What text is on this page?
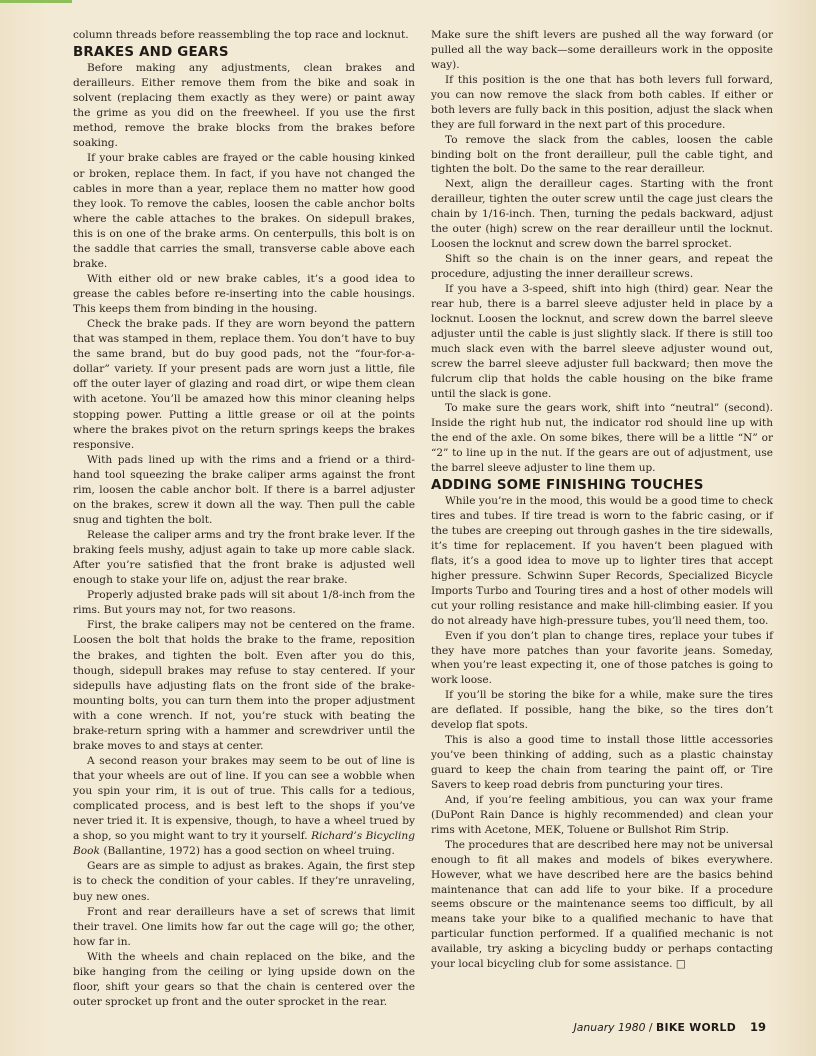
column threads before reassembling the top race and locknut.

BRAKES AND GEARS

Before making any adjustments, clean brakes and derailleurs. Either remove them from the bike and soak in solvent (replacing them exactly as they were) or paint away the grime as you did on the freewheel. If you use the first method, remove the brake blocks from the brakes before soaking.

If your brake cables are frayed or the cable housing kinked or broken, replace them. In fact, if you have not changed the cables in more than a year, replace them no matter how good they look. To remove the cables, loosen the cable anchor bolts where the cable attaches to the brakes. On sidepull brakes, this is on one of the brake arms. On centerpulls, this bolt is on the saddle that carries the small, transverse cable above each brake.

With either old or new brake cables, it’s a good idea to grease the cables before re-inserting into the cable housings. This keeps them from binding in the housing.

Check the brake pads. If they are worn beyond the pattern that was stamped in them, replace them. You don’t have to buy the same brand, but do buy good pads, not the “four-for-a-dollar” variety. If your present pads are worn just a little, file off the outer layer of glazing and road dirt, or wipe them clean with acetone. You’ll be amazed how this minor cleaning helps stopping power. Putting a little grease or oil at the points where the brakes pivot on the return springs keeps the brakes responsive.

With pads lined up with the rims and a friend or a third-hand tool squeezing the brake caliper arms against the front rim, loosen the cable anchor bolt. If there is a barrel adjuster on the brakes, screw it down all the way. Then pull the cable snug and tighten the bolt.

Release the caliper arms and try the front brake lever. If the braking feels mushy, adjust again to take up more cable slack. After you’re satisfied that the front brake is adjusted well enough to stake your life on, adjust the rear brake.

Properly adjusted brake pads will sit about 1/8-inch from the rims. But yours may not, for two reasons.

First, the brake calipers may not be centered on the frame. Loosen the bolt that holds the brake to the frame, reposition the brakes, and tighten the bolt. Even after you do this, though, sidepull brakes may refuse to stay centered. If your sidepulls have adjusting flats on the front side of the brake-mounting bolts, you can turn them into the proper adjustment with a cone wrench. If not, you’re stuck with beating the brake-return spring with a hammer and screwdriver until the brake moves to and stays at center.

A second reason your brakes may seem to be out of line is that your wheels are out of line. If you can see a wobble when you spin your rim, it is out of true. This calls for a tedious, complicated process, and is best left to the shops if you’ve never tried it. It is expensive, though, to have a wheel trued by a shop, so you might want to try it yourself. Richard’s Bicycling Book (Ballantine, 1972) has a good section on wheel truing.

Gears are as simple to adjust as brakes. Again, the first step is to check the condition of your cables. If they’re unraveling, buy new ones.

Front and rear derailleurs have a set of screws that limit their travel. One limits how far out the cage will go; the other, how far in.

With the wheels and chain replaced on the bike, and the bike hanging from the ceiling or lying upside down on the floor, shift your gears so that the chain is centered over the outer sprocket up front and the outer sprocket in the rear.

Make sure the shift levers are pushed all the way forward (or pulled all the way back—some derailleurs work in the opposite way).

If this position is the one that has both levers full forward, you can now remove the slack from both cables. If either or both levers are fully back in this position, adjust the slack when they are full forward in the next part of this procedure.

To remove the slack from the cables, loosen the cable binding bolt on the front derailleur, pull the cable tight, and tighten the bolt. Do the same to the rear derailleur.

Next, align the derailleur cages. Starting with the front derailleur, tighten the outer screw until the cage just clears the chain by 1/16-inch. Then, turning the pedals backward, adjust the outer (high) screw on the rear derailleur until the locknut. Loosen the locknut and screw down the barrel sprocket.

Shift so the chain is on the inner gears, and repeat the procedure, adjusting the inner derailleur screws.

If you have a 3-speed, shift into high (third) gear. Near the rear hub, there is a barrel sleeve adjuster held in place by a locknut. Loosen the locknut, and screw down the barrel sleeve adjuster until the cable is just slightly slack. If there is still too much slack even with the barrel sleeve adjuster wound out, screw the barrel sleeve adjuster full backward; then move the fulcrum clip that holds the cable housing on the bike frame until the slack is gone.

To make sure the gears work, shift into “neutral” (second). Inside the right hub nut, the indicator rod should line up with the end of the axle. On some bikes, there will be a little “N” or “2” to line up in the nut. If the gears are out of adjustment, use the barrel sleeve adjuster to line them up.

ADDING SOME FINISHING TOUCHES

While you’re in the mood, this would be a good time to check tires and tubes. If tire tread is worn to the fabric casing, or if the tubes are creeping out through gashes in the tire sidewalls, it’s time for replacement. If you haven’t been plagued with flats, it’s a good idea to move up to lighter tires that accept higher pressure. Schwinn Super Records, Specialized Bicycle Imports Turbo and Touring tires and a host of other models will cut your rolling resistance and make hill-climbing easier. If you do not already have high-pressure tubes, you’ll need them, too.

Even if you don’t plan to change tires, replace your tubes if they have more patches than your favorite jeans. Someday, when you’re least expecting it, one of those patches is going to work loose.

If you’ll be storing the bike for a while, make sure the tires are deflated. If possible, hang the bike, so the tires don’t develop flat spots.

This is also a good time to install those little accessories you’ve been thinking of adding, such as a plastic chainstay guard to keep the chain from tearing the paint off, or Tire Savers to keep road debris from puncturing your tires.

And, if you’re feeling ambitious, you can wax your frame (DuPont Rain Dance is highly recommended) and clean your rims with Acetone, MEK, Toluene or Bullshot Rim Strip.

The procedures that are described here may not be universal enough to fit all makes and models of bikes everywhere. However, what we have described here are the basics behind maintenance that can add life to your bike. If a procedure seems obscure or the maintenance seems too difficult, by all means take your bike to a qualified mechanic to have that particular function performed. If a qualified mechanic is not available, try asking a bicycling buddy or perhaps contacting your local bicycling club for some assistance. □

January 1980 / BIKE WORLD 19
